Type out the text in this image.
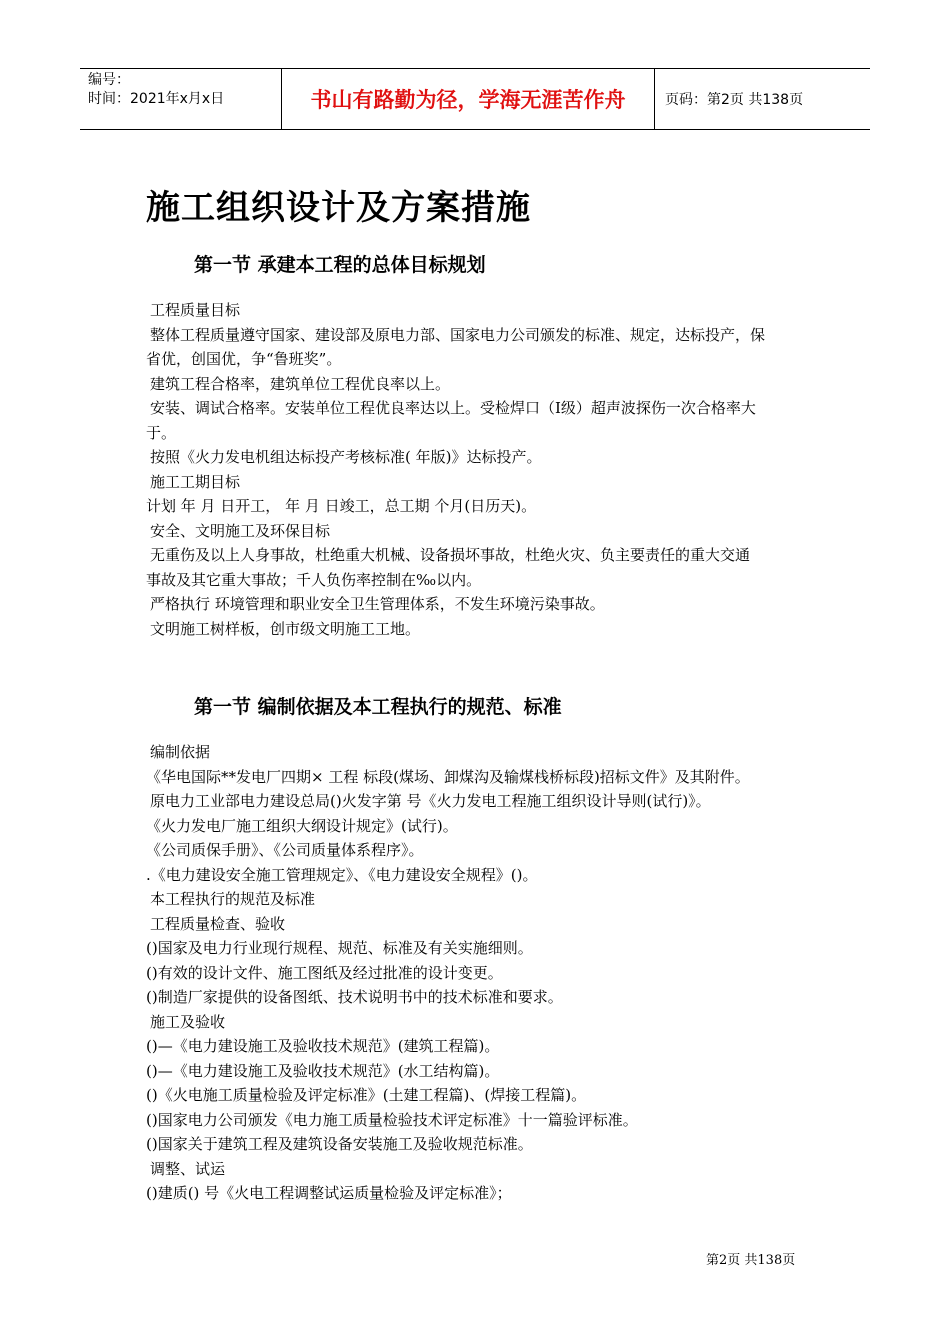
编号：
时间：2021年x月x日	书山有路勤为径，学海无涯苦作舟	页码：第2页 共138页
施工组织设计及方案措施
第一节 承建本工程的总体目标规划

工程质量目标

整体工程质量遵守国家、建设部及原电力部、国家电力公司颁发的标准、规定，达标投产，保

省优，创国优，争“鲁班奖”。

建筑工程合格率，建筑单位工程优良率以上。

安装、调试合格率。安装单位工程优良率达以上。受检焊口（Ⅰ级）超声波探伤一次合格率大

于。

按照《火力发电机组达标投产考核标准( 年版)》达标投产。

施工工期目标

计划 年 月 日开工， 年 月 日竣工，总工期 个月(日历天)。

安全、文明施工及环保目标

无重伤及以上人身事故，杜绝重大机械、设备损坏事故，杜绝火灾、负主要责任的重大交通

事故及其它重大事故；千人负伤率控制在‰以内。

严格执行 环境管理和职业安全卫生管理体系，不发生环境污染事故。

文明施工树样板，创市级文明施工工地。

第一节 编制依据及本工程执行的规范、标准

编制依据

《华电国际**发电厂四期× 工程 标段(煤场、卸煤沟及输煤栈桥标段)招标文件》及其附件。

原电力工业部电力建设总局()火发字第 号《火力发电工程施工组织设计导则(试行)》。

《火力发电厂施工组织大纲设计规定》(试行)。

《公司质保手册》、《公司质量体系程序》。

.《电力建设安全施工管理规定》、《电力建设安全规程》()。

本工程执行的规范及标准

工程质量检查、验收

()国家及电力行业现行规程、规范、标准及有关实施细则。

()有效的设计文件、施工图纸及经过批准的设计变更。

()制造厂家提供的设备图纸、技术说明书中的技术标准和要求。

施工及验收

()—《电力建设施工及验收技术规范》(建筑工程篇)。

()—《电力建设施工及验收技术规范》(水工结构篇)。

()《火电施工质量检验及评定标准》(土建工程篇)、(焊接工程篇)。

()国家电力公司颁发《电力施工质量检验技术评定标准》十一篇验评标准。

()国家关于建筑工程及建筑设备安装施工及验收规范标准。

调整、试运

()建质() 号《火电工程调整试运质量检验及评定标准》；

第2页 共138页
